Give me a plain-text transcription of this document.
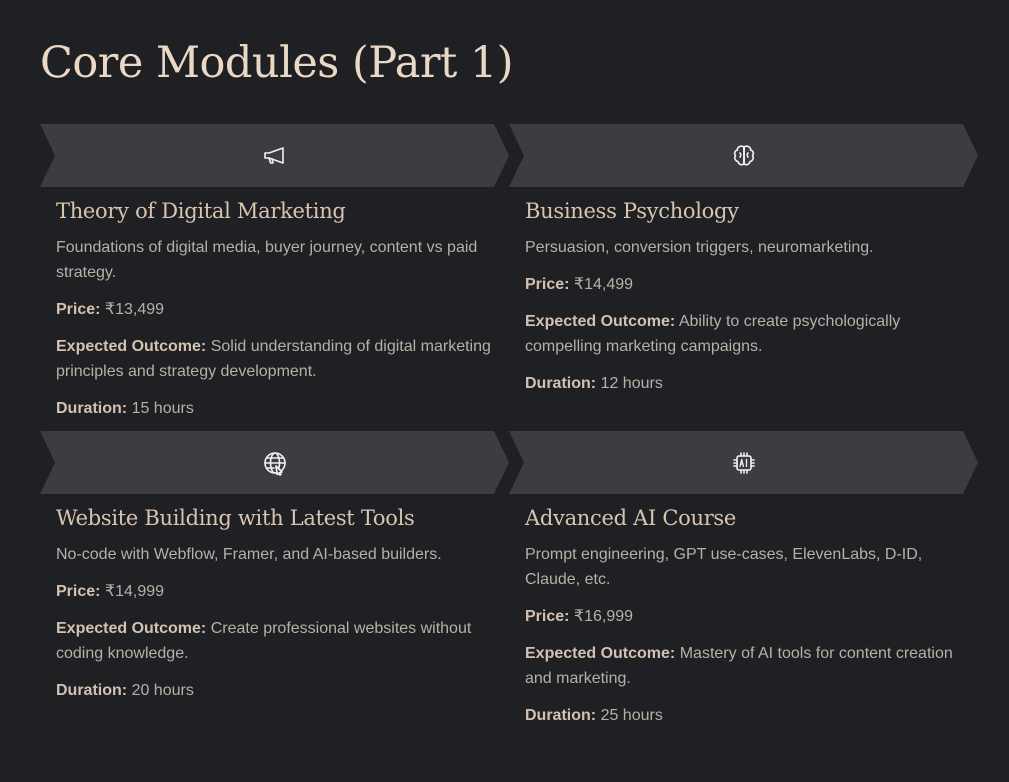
Core Modules (Part 1)
Theory of Digital Marketing

Foundations of digital media, buyer journey, content vs paid strategy.

Price: ₹13,499

Expected Outcome: Solid understanding of digital marketing principles and strategy development.

Duration: 15 hours

Business Psychology

Persuasion, conversion triggers, neuromarketing.

Price: ₹14,499

Expected Outcome: Ability to create psychologically compelling marketing campaigns.

Duration: 12 hours

Website Building with Latest Tools

No-code with Webflow, Framer, and AI-based builders.

Price: ₹14,999

Expected Outcome: Create professional websites without coding knowledge.

Duration: 20 hours

Advanced AI Course

Prompt engineering, GPT use-cases, ElevenLabs, D-ID, Claude, etc.

Price: ₹16,999

Expected Outcome: Mastery of AI tools for content creation and marketing.

Duration: 25 hours
